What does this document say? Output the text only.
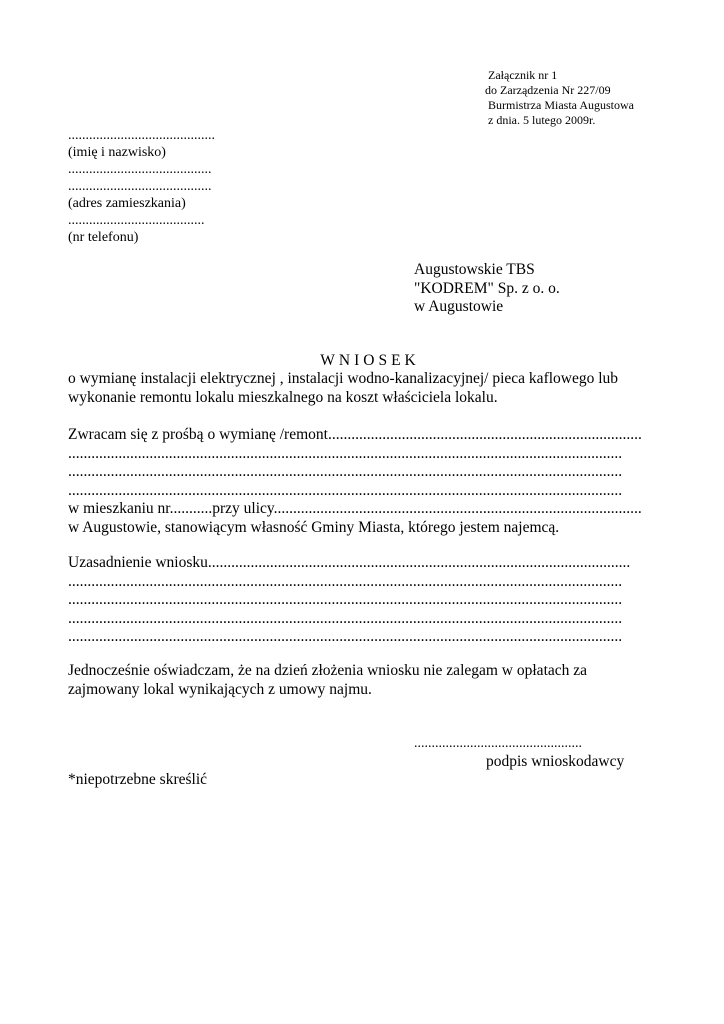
Załącznik nr 1
do Zarządzenia Nr 227/09
Burmistrza Miasta Augustowa
z dnia. 5 lutego 2009r.
..........................................
(imię i nazwisko)
.........................................
.........................................
(adres zamieszkania)
.......................................
(nr telefonu)
Augustowskie TBS
"KODREM" Sp. z o. o.
w Augustowie
WNIOSEK
o wymianę instalacji elektrycznej , instalacji wodno-kanalizacyjnej/ pieca kaflowego lub
wykonanie remontu lokalu mieszkalnego na koszt właściciela lokalu.
Zwracam się z prośbą o wymianę /remont.................................................................................
...............................................................................................................................................
...............................................................................................................................................
...............................................................................................................................................
w mieszkaniu nr...........przy ulicy...............................................................................................
w Augustowie, stanowiącym własność Gminy Miasta, którego jestem najemcą.
Uzasadnienie wniosku.............................................................................................................
...............................................................................................................................................
...............................................................................................................................................
...............................................................................................................................................
...............................................................................................................................................
Jednocześnie oświadczam, że na dzień złożenia wniosku nie zalegam w opłatach za
zajmowany lokal wynikających z umowy najmu.
................................................
podpis wnioskodawcy
*niepotrzebne skreślić
